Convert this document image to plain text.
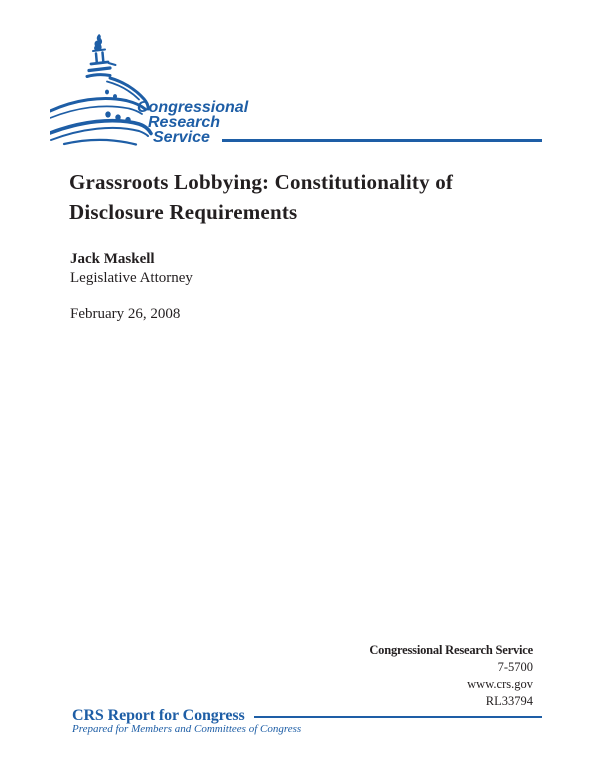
Congressional
Research
Service
Grassroots Lobbying: Constitutionality of
Disclosure Requirements
Jack Maskell
Legislative Attorney
February 26, 2008
Congressional Research Service
7-5700
www.crs.gov
RL33794
CRS Report for Congress
Prepared for Members and Committees of Congress
